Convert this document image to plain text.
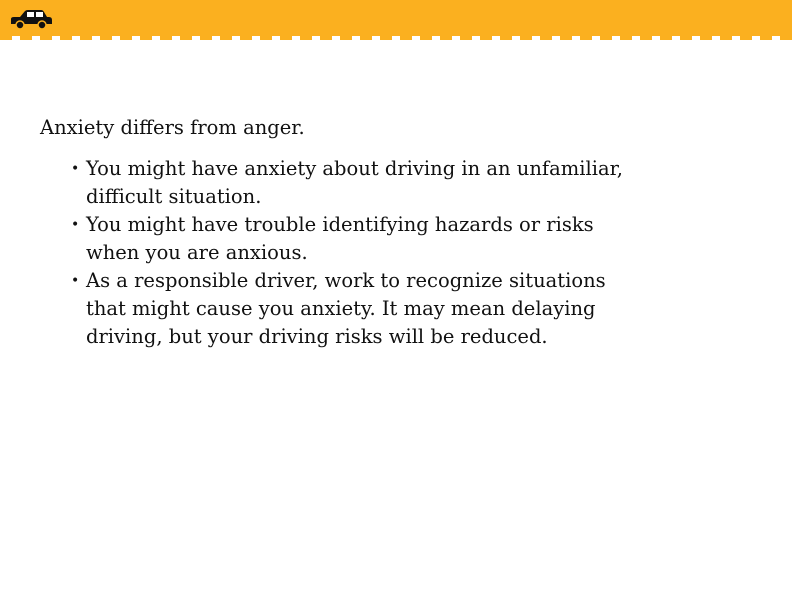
Anxiety differs from anger.

• You might have anxiety about driving in an unfamiliar, difficult situation.
• You might have trouble identifying hazards or risks when you are anxious.
• As a responsible driver, work to recognize situations that might cause you anxiety. It may mean delaying driving, but your driving risks will be reduced.
